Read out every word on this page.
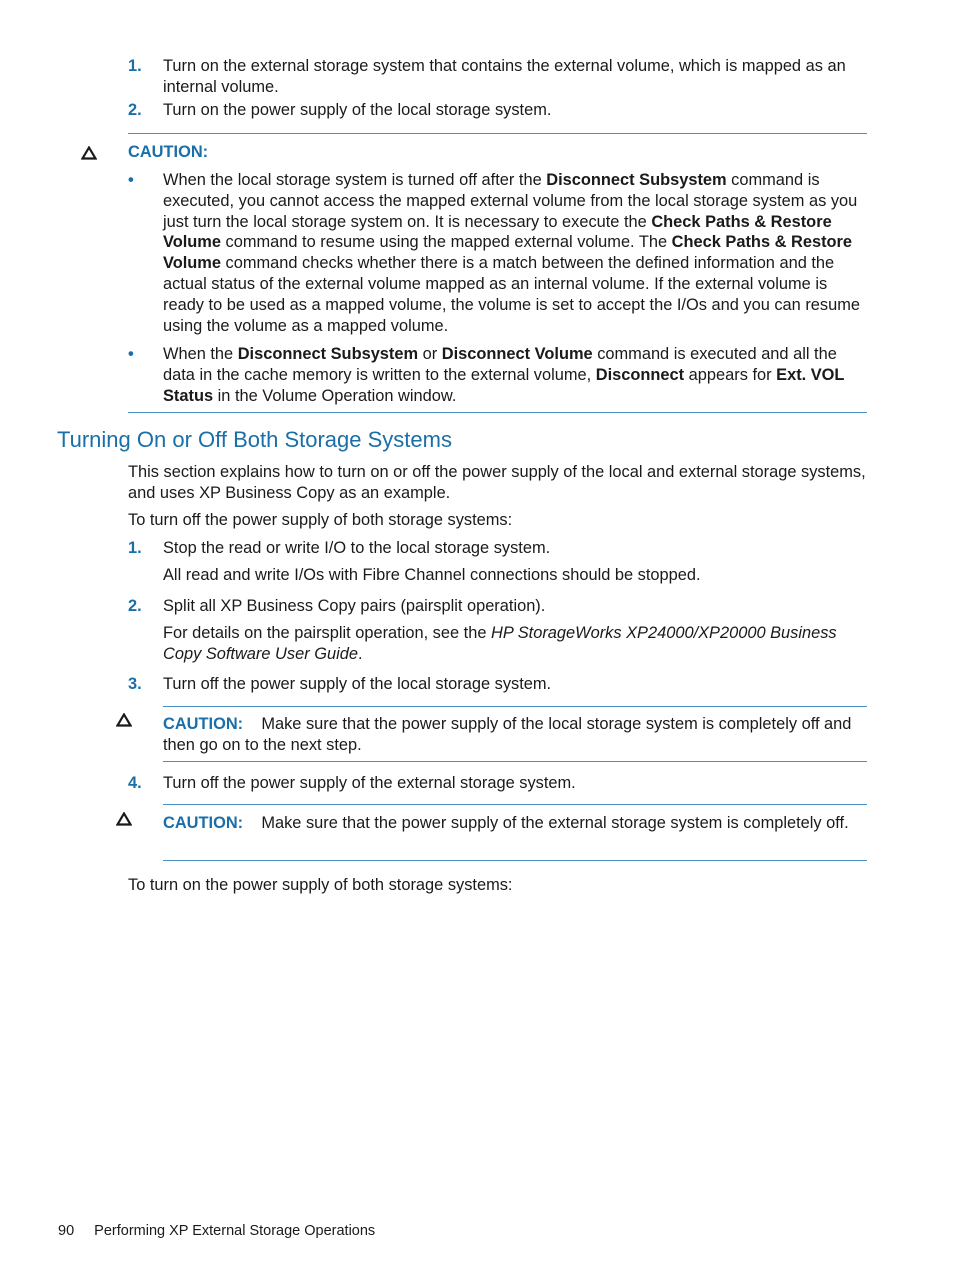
1. Turn on the external storage system that contains the external volume, which is mapped as an internal volume.

2. Turn on the power supply of the local storage system.

CAUTION:
• When the local storage system is turned off after the Disconnect Subsystem command is executed, you cannot access the mapped external volume from the local storage system as you just turn the local storage system on. It is necessary to execute the Check Paths & Restore Volume command to resume using the mapped external volume. The Check Paths & Restore Volume command checks whether there is a match between the defined information and the actual status of the external volume mapped as an internal volume. If the external volume is ready to be used as a mapped volume, the volume is set to accept the I/Os and you can resume using the volume as a mapped volume.

• When the Disconnect Subsystem or Disconnect Volume command is executed and all the data in the cache memory is written to the external volume, Disconnect appears for Ext. VOL Status in the Volume Operation window.

Turning On or Off Both Storage Systems

This section explains how to turn on or off the power supply of the local and external storage systems, and uses XP Business Copy as an example.

To turn off the power supply of both storage systems:

1. Stop the read or write I/O to the local storage system.

All read and write I/Os with Fibre Channel connections should be stopped.

2. Split all XP Business Copy pairs (pairsplit operation).

For details on the pairsplit operation, see the HP StorageWorks XP24000/XP20000 Business Copy Software User Guide.

3. Turn off the power supply of the local storage system.

CAUTION: Make sure that the power supply of the local storage system is completely off and then go on to the next step.

4. Turn off the power supply of the external storage system.

CAUTION: Make sure that the power supply of the external storage system is completely off.

To turn on the power supply of both storage systems:

90 Performing XP External Storage Operations
